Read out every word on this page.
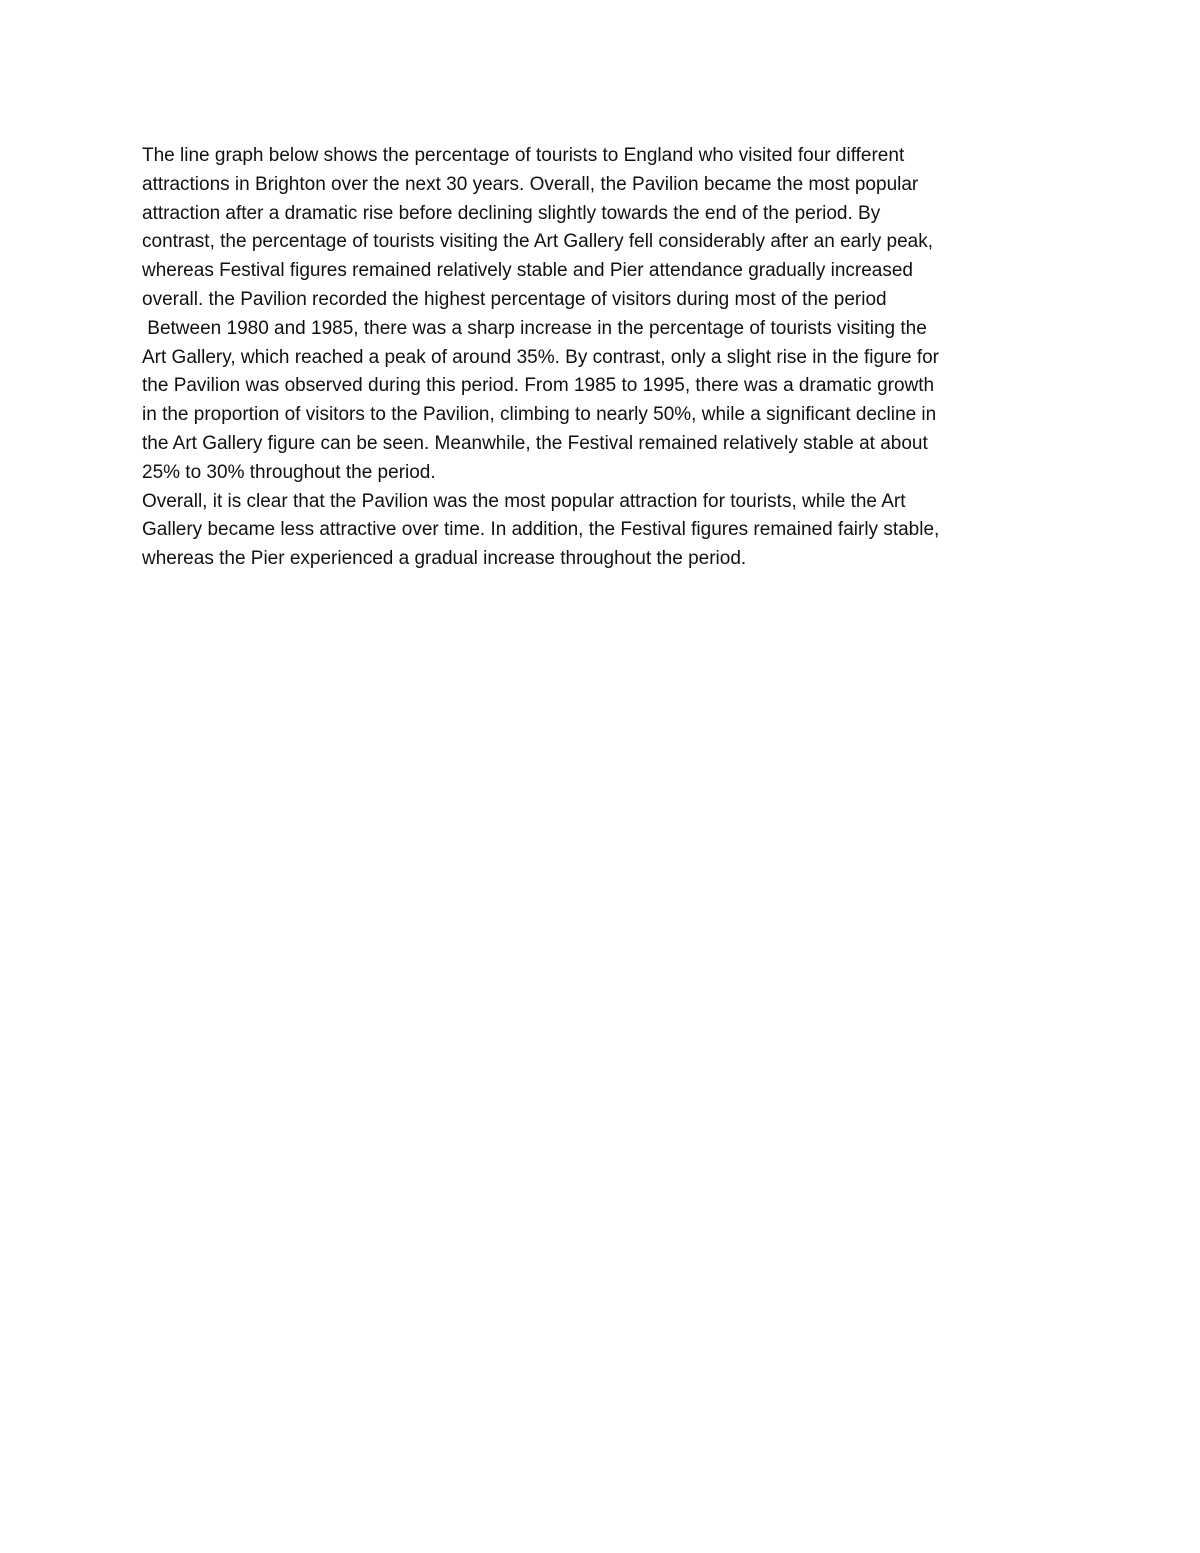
The line graph below shows the percentage of tourists to England who visited four different
attractions in Brighton over the next 30 years. Overall, the Pavilion became the most popular
attraction after a dramatic rise before declining slightly towards the end of the period. By
contrast, the percentage of tourists visiting the Art Gallery fell considerably after an early peak,
whereas Festival figures remained relatively stable and Pier attendance gradually increased
overall. the Pavilion recorded the highest percentage of visitors during most of the period
Between 1980 and 1985, there was a sharp increase in the percentage of tourists visiting the
Art Gallery, which reached a peak of around 35%. By contrast, only a slight rise in the figure for
the Pavilion was observed during this period. From 1985 to 1995, there was a dramatic growth
in the proportion of visitors to the Pavilion, climbing to nearly 50%, while a significant decline in
the Art Gallery figure can be seen. Meanwhile, the Festival remained relatively stable at about
25% to 30% throughout the period.
Overall, it is clear that the Pavilion was the most popular attraction for tourists, while the Art
Gallery became less attractive over time. In addition, the Festival figures remained fairly stable,
whereas the Pier experienced a gradual increase throughout the period.
